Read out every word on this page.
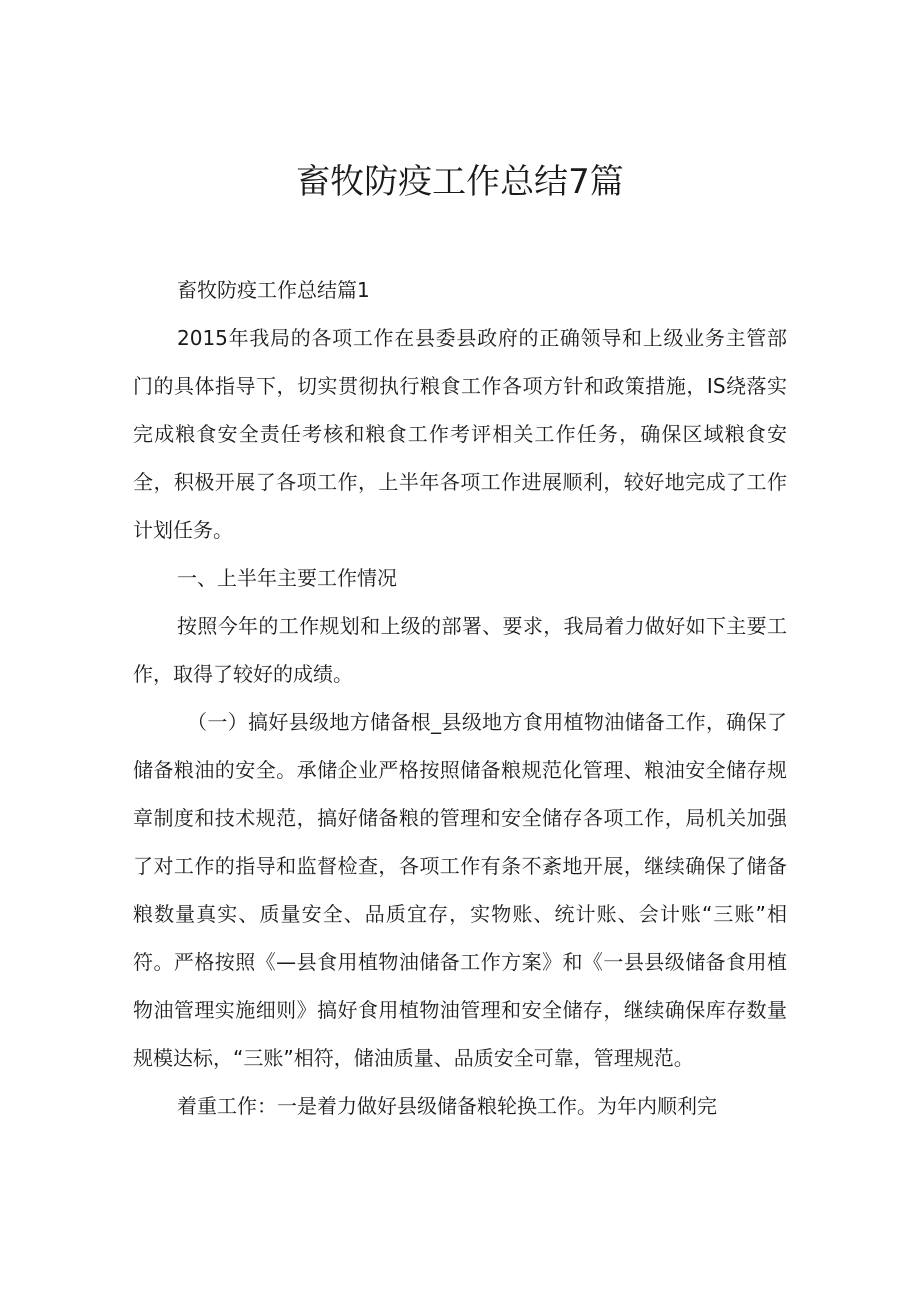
畜牧防疫工作总结7篇

畜牧防疫工作总结篇1

2015年我局的各项工作在县委县政府的正确领导和上级业务主管部门的具体指导下，切实贯彻执行粮食工作各项方针和政策措施，IS绕落实完成粮食安全责任考核和粮食工作考评相关工作任务，确保区域粮食安全，积极开展了各项工作，上半年各项工作进展顺利，较好地完成了工作计划任务。

一、上半年主要工作情况

按照今年的工作规划和上级的部署、要求，我局着力做好如下主要工作，取得了较好的成绩。

（一）搞好县级地方储备根_县级地方食用植物油储备工作，确保了储备粮油的安全。承储企业严格按照储备粮规范化管理、粮油安全储存规章制度和技术规范，搞好储备粮的管理和安全储存各项工作，局机关加强了对工作的指导和监督检查，各项工作有条不紊地开展，继续确保了储备粮数量真实、质量安全、品质宜存，实物账、统计账、会计账“三账”相符。严格按照《—县食用植物油储备工作方案》和《一县县级储备食用植物油管理实施细则》搞好食用植物油管理和安全储存，继续确保库存数量规模达标，“三账”相符，储油质量、品质安全可靠，管理规范。

着重工作：一是着力做好县级储备粮轮换工作。为年内顺利完
